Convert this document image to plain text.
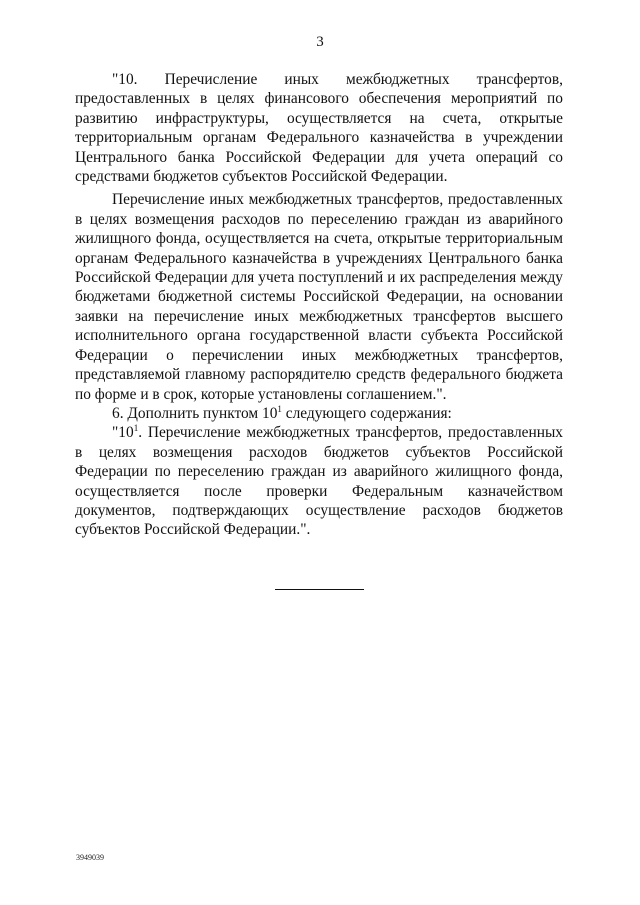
3

"10. Перечисление иных межбюджетных трансфертов, предоставленных в целях финансового обеспечения мероприятий по развитию инфраструктуры, осуществляется на счета, открытые территориальным органам Федерального казначейства в учреждении Центрального банка Российской Федерации для учета операций со средствами бюджетов субъектов Российской Федерации.

Перечисление иных межбюджетных трансфертов, предоставленных в целях возмещения расходов по переселению граждан из аварийного жилищного фонда, осуществляется на счета, открытые территориальным органам Федерального казначейства в учреждениях Центрального банка Российской Федерации для учета поступлений и их распределения между бюджетами бюджетной системы Российской Федерации, на основании заявки на перечисление иных межбюджетных трансфертов высшего исполнительного органа государственной власти субъекта Российской Федерации о перечислении иных межбюджетных трансфертов, представляемой главному распорядителю средств федерального бюджета по форме и в срок, которые установлены соглашением.".

6. Дополнить пунктом $10^1$ следующего содержания:

"$10^1$. Перечисление межбюджетных трансфертов, предоставленных в целях возмещения расходов бюджетов субъектов Российской Федерации по переселению граждан из аварийного жилищного фонда, осуществляется после проверки Федеральным казначейством документов, подтверждающих осуществление расходов бюджетов субъектов Российской Федерации.".

3949039
